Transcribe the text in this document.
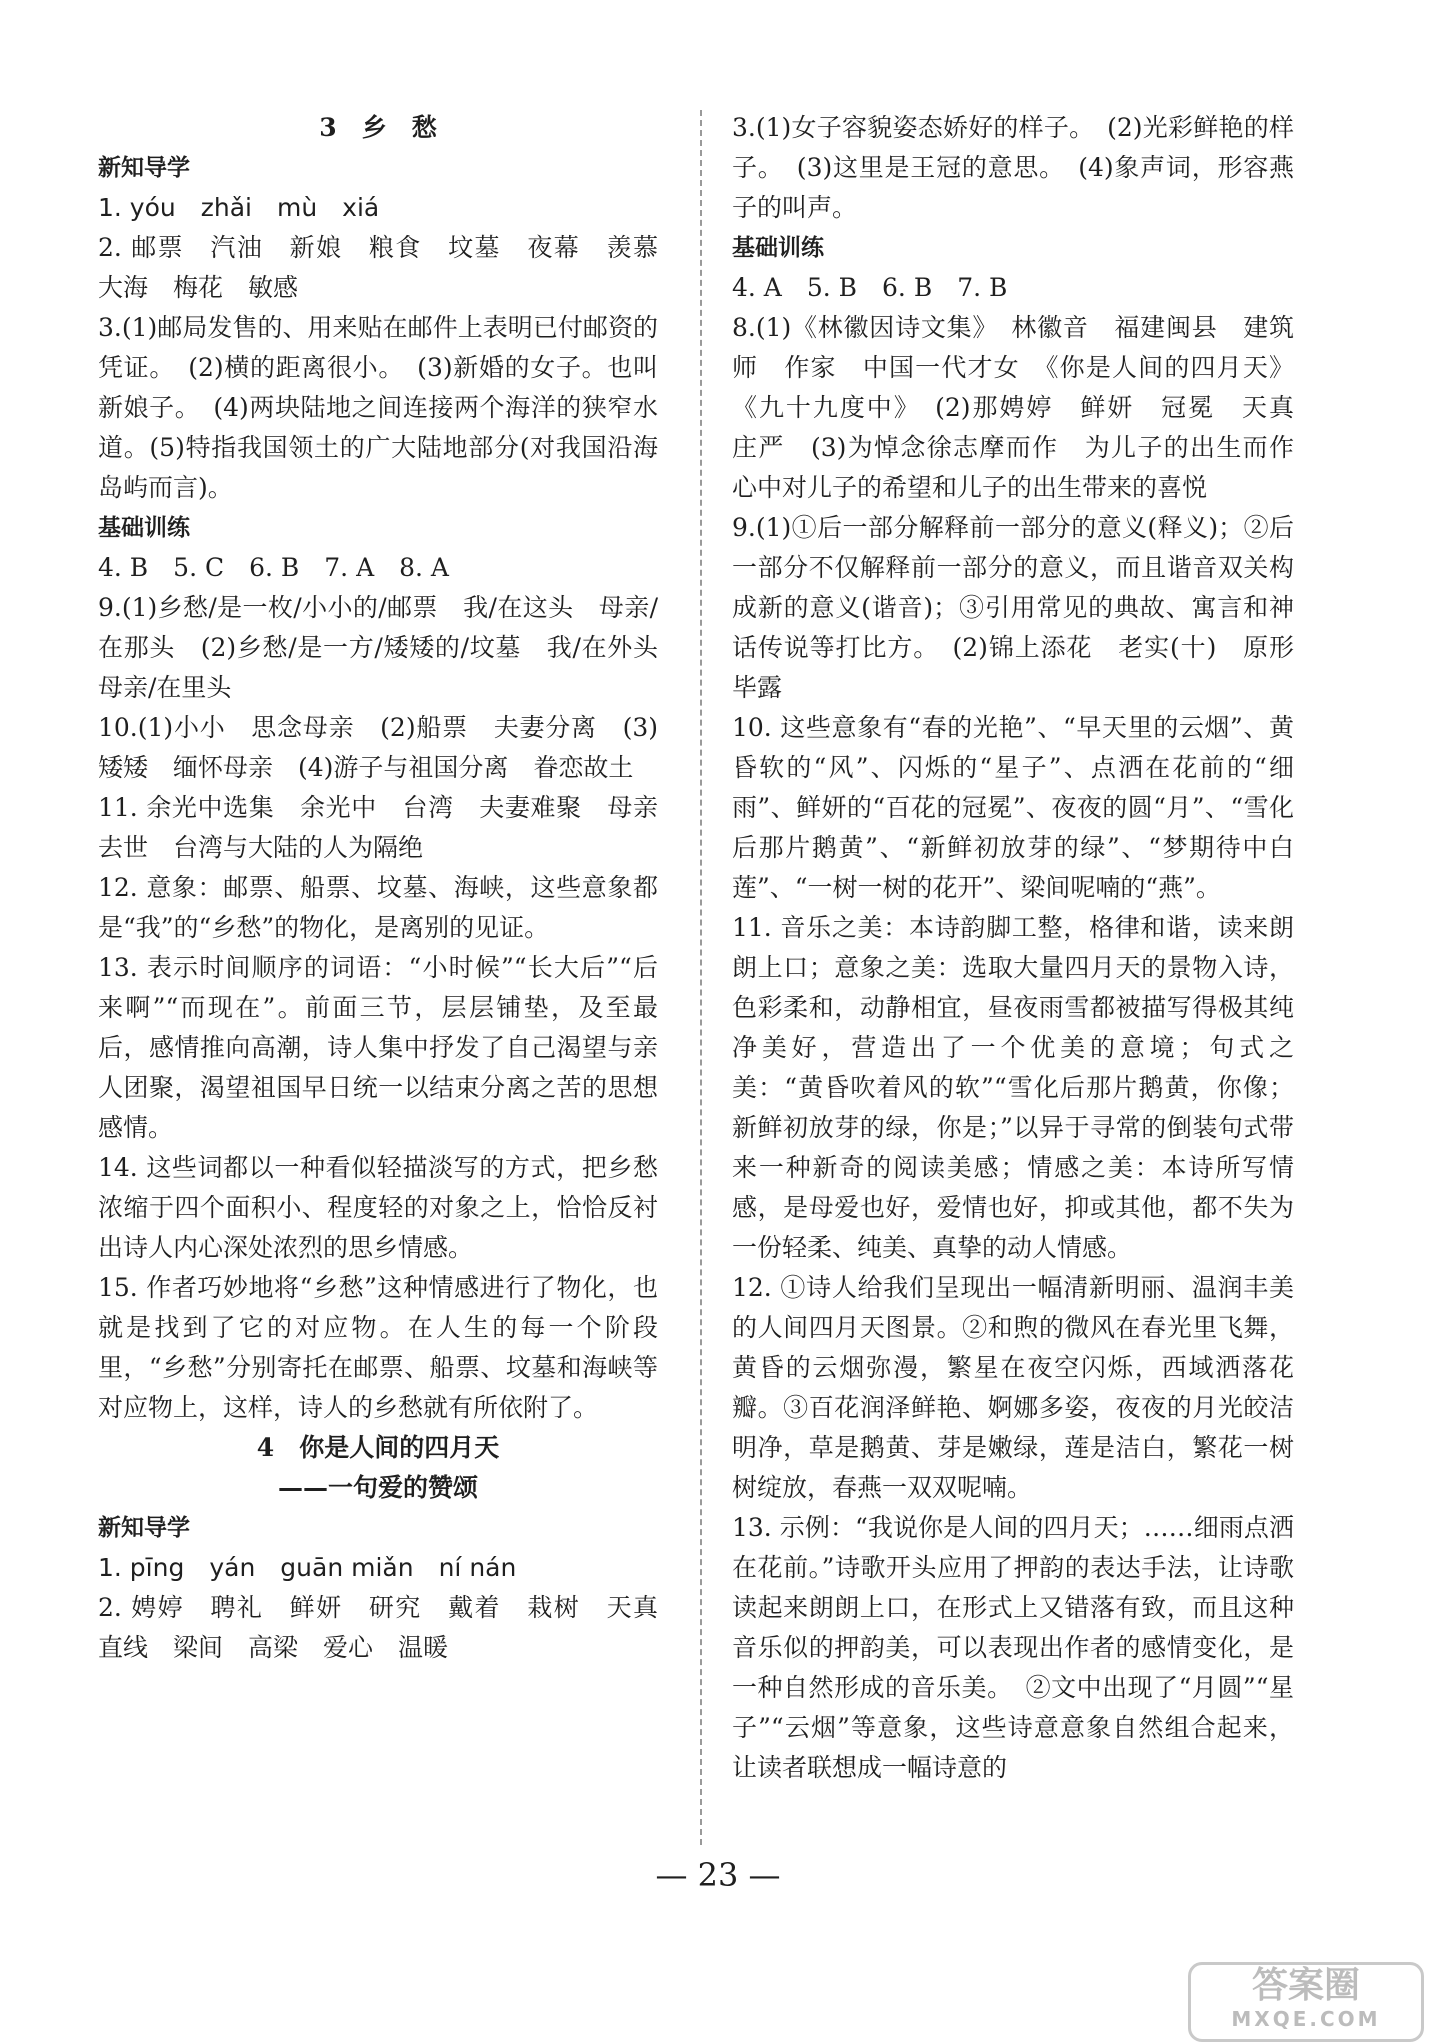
3　乡　愁

新知导学

1. yóu　zhǎi　mù　xiá

2. 邮票　汽油　新娘　粮食　坟墓　夜幕　羡慕　大海　梅花　敏感

3.(1)邮局发售的、用来贴在邮件上表明已付邮资的凭证。　(2)横的距离很小。　(3)新婚的女子。也叫新娘子。　(4)两块陆地之间连接两个海洋的狭窄水道。(5)特指我国领土的广大陆地部分(对我国沿海岛屿而言)。

基础训练

4. B　5. C　6. B　7. A　8. A

9.(1)乡愁/是一枚/小小的/邮票　我/在这头　母亲/在那头　(2)乡愁/是一方/矮矮的/坟墓　我/在外头　母亲/在里头

10.(1)小小　思念母亲　(2)船票　夫妻分离　(3)矮矮　缅怀母亲　(4)游子与祖国分离　眷恋故土

11. 余光中选集　余光中　台湾　夫妻难聚　母亲去世　台湾与大陆的人为隔绝

12. 意象：邮票、船票、坟墓、海峡，这些意象都是“我”的“乡愁”的物化，是离别的见证。

13. 表示时间顺序的词语：“小时候”“长大后”“后来啊”“而现在”。前面三节，层层铺垫，及至最后，感情推向高潮，诗人集中抒发了自己渴望与亲人团聚，渴望祖国早日统一以结束分离之苦的思想感情。

14. 这些词都以一种看似轻描淡写的方式，把乡愁浓缩于四个面积小、程度轻的对象之上，恰恰反衬出诗人内心深处浓烈的思乡情感。

15. 作者巧妙地将“乡愁”这种情感进行了物化，也就是找到了它的对应物。在人生的每一个阶段里，“乡愁”分别寄托在邮票、船票、坟墓和海峡等对应物上，这样，诗人的乡愁就有所依附了。

4　你是人间的四月天

——一句爱的赞颂

新知导学

1. pīng　yán　guān miǎn　ní nán

2. 娉婷　聘礼　鲜妍　研究　戴着　栽树　天真　直线　梁间　高梁　爱心　温暖

3.(1)女子容貌姿态娇好的样子。　(2)光彩鲜艳的样子。　(3)这里是王冠的意思。　(4)象声词，形容燕子的叫声。

基础训练

4. A　5. B　6. B　7. B

8.(1)《林徽因诗文集》　林徽音　福建闽县　建筑师　作家　中国一代才女　《你是人间的四月天》《九十九度中》　(2)那娉婷　鲜妍　冠冕　天真　庄严　(3)为悼念徐志摩而作　为儿子的出生而作　心中对儿子的希望和儿子的出生带来的喜悦

9.(1)①后一部分解释前一部分的意义(释义)；②后一部分不仅解释前一部分的意义，而且谐音双关构成新的意义(谐音)；③引用常见的典故、寓言和神话传说等打比方。　(2)锦上添花　老实(十)　原形毕露

10. 这些意象有“春的光艳”、“早天里的云烟”、黄昏软的“风”、闪烁的“星子”、点洒在花前的“细雨”、鲜妍的“百花的冠冕”、夜夜的圆“月”、“雪化后那片鹅黄”、“新鲜初放芽的绿”、“梦期待中白莲”、“一树一树的花开”、梁间呢喃的“燕”。

11. 音乐之美：本诗韵脚工整，格律和谐，读来朗朗上口；意象之美：选取大量四月天的景物入诗，色彩柔和，动静相宜，昼夜雨雪都被描写得极其纯净美好，营造出了一个优美的意境；句式之美：“黄昏吹着风的软”“雪化后那片鹅黄，你像；新鲜初放芽的绿，你是；”以异于寻常的倒装句式带来一种新奇的阅读美感；情感之美：本诗所写情感，是母爱也好，爱情也好，抑或其他，都不失为一份轻柔、纯美、真挚的动人情感。

12. ①诗人给我们呈现出一幅清新明丽、温润丰美的人间四月天图景。②和煦的微风在春光里飞舞，黄昏的云烟弥漫，繁星在夜空闪烁，西域洒落花瓣。③百花润泽鲜艳、婀娜多姿，夜夜的月光皎洁明净，草是鹅黄、芽是嫩绿，莲是洁白，繁花一树树绽放，春燕一双双呢喃。

13. 示例：“我说你是人间的四月天；……细雨点洒在花前。”诗歌开头应用了押韵的表达手法，让诗歌读起来朗朗上口，在形式上又错落有致，而且这种音乐似的押韵美，可以表现出作者的感情变化，是一种自然形成的音乐美。　②文中出现了“月圆”“星子”“云烟”等意象，这些诗意意象自然组合起来，让读者联想成一幅诗意的

— 23 —
答案圈
MXQE.COM
